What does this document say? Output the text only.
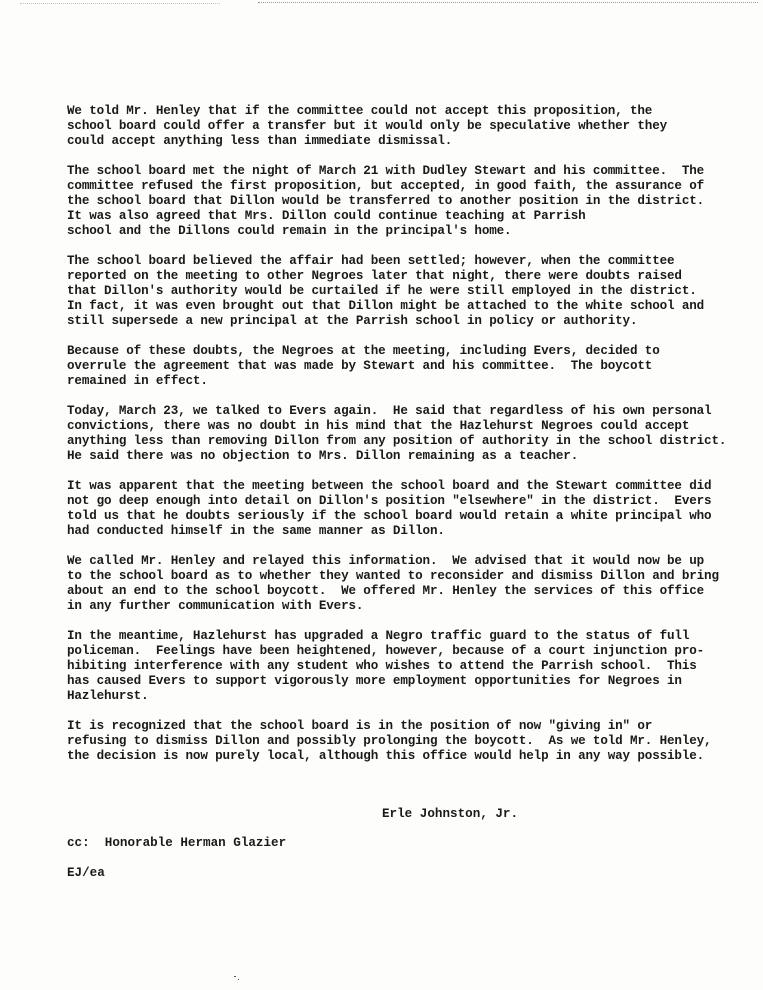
We told Mr. Henley that if the committee could not accept this proposition, the
school board could offer a transfer but it would only be speculative whether they
could accept anything less than immediate dismissal.

The school board met the night of March 21 with Dudley Stewart and his committee.  The
committee refused the first proposition, but accepted, in good faith, the assurance of
the school board that Dillon would be transferred to another position in the district.
It was also agreed that Mrs. Dillon could continue teaching at Parrish
school and the Dillons could remain in the principal's home.

The school board believed the affair had been settled; however, when the committee
reported on the meeting to other Negroes later that night, there were doubts raised
that Dillon's authority would be curtailed if he were still employed in the district.
In fact, it was even brought out that Dillon might be attached to the white school and
still supersede a new principal at the Parrish school in policy or authority.

Because of these doubts, the Negroes at the meeting, including Evers, decided to
overrule the agreement that was made by Stewart and his committee.  The boycott
remained in effect.

Today, March 23, we talked to Evers again.  He said that regardless of his own personal
convictions, there was no doubt in his mind that the Hazlehurst Negroes could accept
anything less than removing Dillon from any position of authority in the school district.
He said there was no objection to Mrs. Dillon remaining as a teacher.

It was apparent that the meeting between the school board and the Stewart committee did
not go deep enough into detail on Dillon's position "elsewhere" in the district.  Evers
told us that he doubts seriously if the school board would retain a white principal who
had conducted himself in the same manner as Dillon.

We called Mr. Henley and relayed this information.  We advised that it would now be up
to the school board as to whether they wanted to reconsider and dismiss Dillon and bring
about an end to the school boycott.  We offered Mr. Henley the services of this office
in any further communication with Evers.

In the meantime, Hazlehurst has upgraded a Negro traffic guard to the status of full
policeman.  Feelings have been heightened, however, because of a court injunction pro-
hibiting interference with any student who wishes to attend the Parrish school.  This
has caused Evers to support vigorously more employment opportunities for Negroes in
Hazlehurst.

It is recognized that the school board is in the position of now "giving in" or
refusing to dismiss Dillon and possibly prolonging the boycott.  As we told Mr. Henley,
the decision is now purely local, although this office would help in any way possible.

Erle Johnston, Jr.
cc:  Honorable Herman Glazier
EJ/ea
